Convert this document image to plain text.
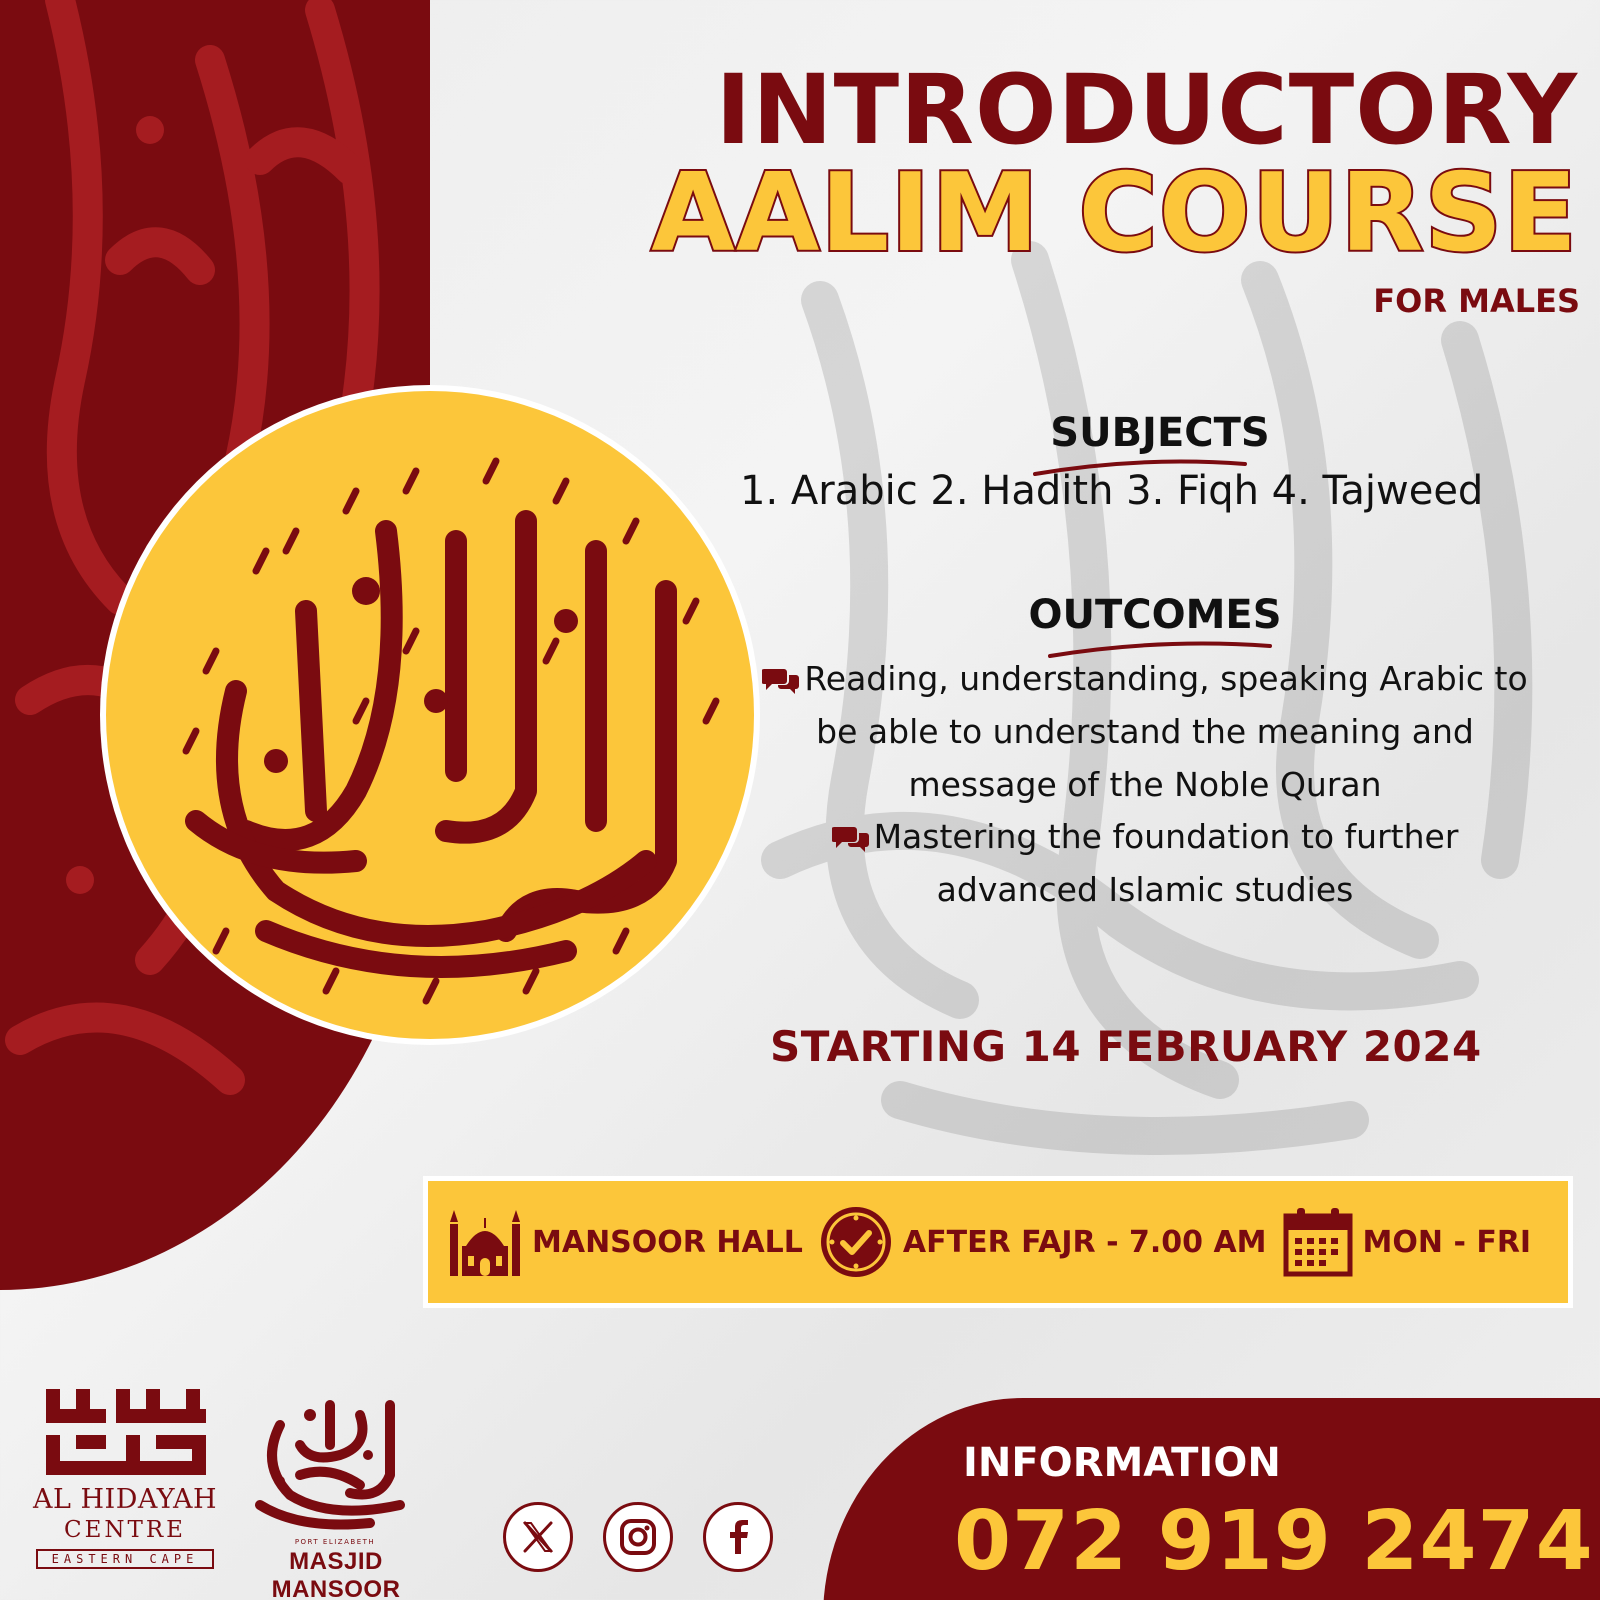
INTRODUCTORY
AALIM COURSE
FOR MALES
SUBJECTS
1. Arabic 2. Hadith 3. Fiqh 4. Tajweed
OUTCOMES
Reading, understanding, speaking Arabic to be able to understand the meaning and message of the Noble Quran
Mastering the foundation to further advanced Islamic studies
STARTING 14 FEBRUARY 2024
MANSOOR HALL	AFTER FAJR - 7.00 AM	MON - FRI
AL HIDAYAH
CENTRE
EASTERN CAPE
PORT ELIZABETH
MASJID MANSOOR
INFORMATION
072 919 2474
